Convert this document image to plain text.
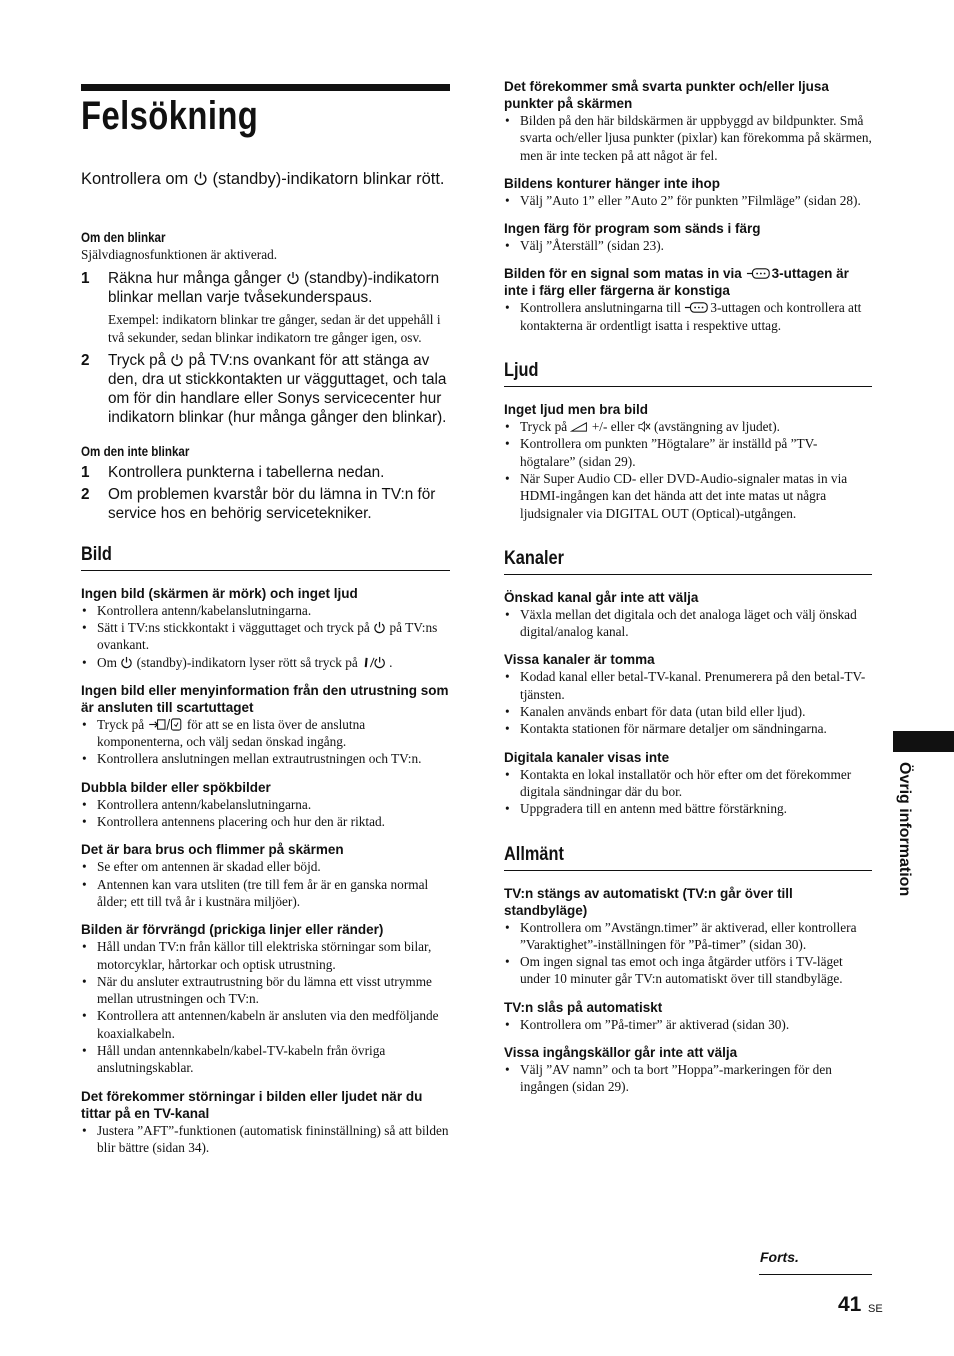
Felsökning

Kontrollera om (standby)-indikatorn blinkar rött.

Om den blinkar
Självdiagnosfunktionen är aktiverad.
1 Räkna hur många gånger (standby)-indikatorn blinkar mellan varje tvåsekunderspaus.
Exempel: indikatorn blinkar tre gånger, sedan är det uppehåll i två sekunder, sedan blinkar indikatorn tre gånger igen, osv.
2 Tryck på på TV:ns ovankant för att stänga av den, dra ut stickkontakten ur vägguttaget, och tala om för din handlare eller Sonys servicecenter hur indikatorn blinkar (hur många gånger den blinkar).
Om den inte blinkar
1 Kontrollera punkterna i tabellerna nedan.
2 Om problemen kvarstår bör du lämna in TV:n för service hos en behörig servicetekniker.
Bild
Ingen bild (skärmen är mörk) och inget ljud
• Kontrollera antenn/kabelanslutningarna.
• Sätt i TV:ns stickkontakt i vägguttaget och tryck på på TV:ns ovankant.
• Om (standby)-indikatorn lyser rött så tryck på .
Ingen bild eller menyinformation från den utrustning som är ansluten till scartuttaget
• Tryck på	för att se en lista över de anslutna komponenterna, och välj sedan önskad ingång.
• Kontrollera anslutningen mellan extrautrustningen och TV:n.
Dubbla bilder eller spökbilder
• Kontrollera antenn/kabelanslutningarna.
• Kontrollera antennens placering och hur den är riktad.
Det är bara brus och flimmer på skärmen
• Se efter om antennen är skadad eller böjd.
• Antennen kan vara utsliten (tre till fem år är en ganska normal ålder; ett till två år i kustnära miljöer).
Bilden är förvrängd (prickiga linjer eller ränder)
• Håll undan TV:n från källor till elektriska störningar som bilar, motorcyklar, hårtorkar och optisk utrustning.
• När du ansluter extrautrustning bör du lämna ett visst utrymme mellan utrustningen och TV:n.
• Kontrollera att antennen/kabeln är ansluten via den medföljande koaxialkabeln.
• Håll undan antennkabeln/kabel-TV-kabeln från övriga anslutningskablar.
Det förekommer störningar i bilden eller ljudet när du tittar på en TV-kanal
• Justera ”AFT”-funktionen (automatisk fininställning) så att bilden blir bättre (sidan 34).
Det förekommer små svarta punkter och/eller ljusa punkter på skärmen
• Bilden på den här bildskärmen är uppbyggd av bildpunkter. Små svarta och/eller ljusa punkter (pixlar) kan förekomma på skärmen, men är inte tecken på att något är fel.
Bildens konturer hänger inte ihop
• Välj ”Auto 1” eller ”Auto 2” för punkten ”Filmläge” (sidan 28).
Ingen färg för program som sänds i färg
• Välj ”Återställ” (sidan 23).
Bilden för en signal som matas in via 3-uttagen är inte i färg eller färgerna är konstiga
• Kontrollera anslutningarna till 3-uttagen och kontrollera att kontakterna är ordentligt isatta i respektive uttag.
Ljud
Inget ljud men bra bild
• Tryck på +/- eller (avstängning av ljudet).
• Kontrollera om punkten ”Högtalare” är inställd på ”TV-högtalare” (sidan 29).
• När Super Audio CD- eller DVD-Audio-signaler matas in via HDMI-ingången kan det hända att det inte matas ut några ljudsignaler via DIGITAL OUT (Optical)-utgången.
Kanaler
Önskad kanal går inte att välja
• Växla mellan det digitala och det analoga läget och välj önskad digital/analog kanal.
Vissa kanaler är tomma
• Kodad kanal eller betal-TV-kanal. Prenumerera på den betal-TV-tjänsten.
• Kanalen används enbart för data (utan bild eller ljud).
• Kontakta stationen för närmare detaljer om sändningarna.
Digitala kanaler visas inte
• Kontakta en lokal installatör och hör efter om det förekommer digitala sändningar där du bor.
• Uppgradera till en antenn med bättre förstärkning.
Allmänt
TV:n stängs av automatiskt (TV:n går över till standbyläge)
• Kontrollera om ”Avstängn.timer” är aktiverad, eller kontrollera ”Varaktighet”-inställningen för ”På-timer” (sidan 30).
• Om ingen signal tas emot och inga åtgärder utförs i TV-läget under 10 minuter går TV:n automatiskt över till standbyläge.
TV:n slås på automatiskt
• Kontrollera om ”På-timer” är aktiverad (sidan 30).
Vissa ingångskällor går inte att välja
• Välj ”AV namn” och ta bort ”Hoppa”-markeringen för den ingången (sidan 29).
Övrig information
Forts.
41 SE
